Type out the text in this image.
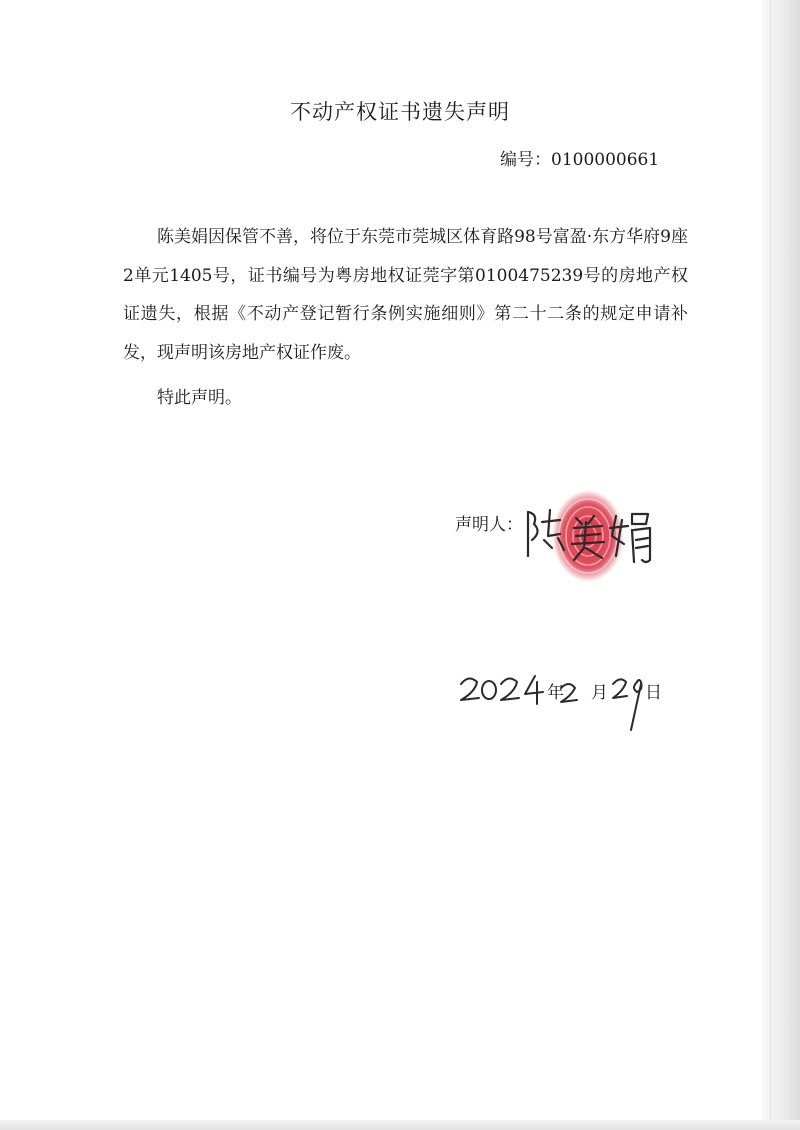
不动产权证书遗失声明
编号：0100000661

陈美娟因保管不善，将位于东莞市莞城区体育路98号富盈·东方华府9座2单元1405号，证书编号为粤房地权证莞字第0100475239号的房地产权证遗失，根据《不动产登记暂行条例实施细则》第二十二条的规定申请补发，现声明该房地产权证作废。

特此声明。

声明人：
年 月 日
